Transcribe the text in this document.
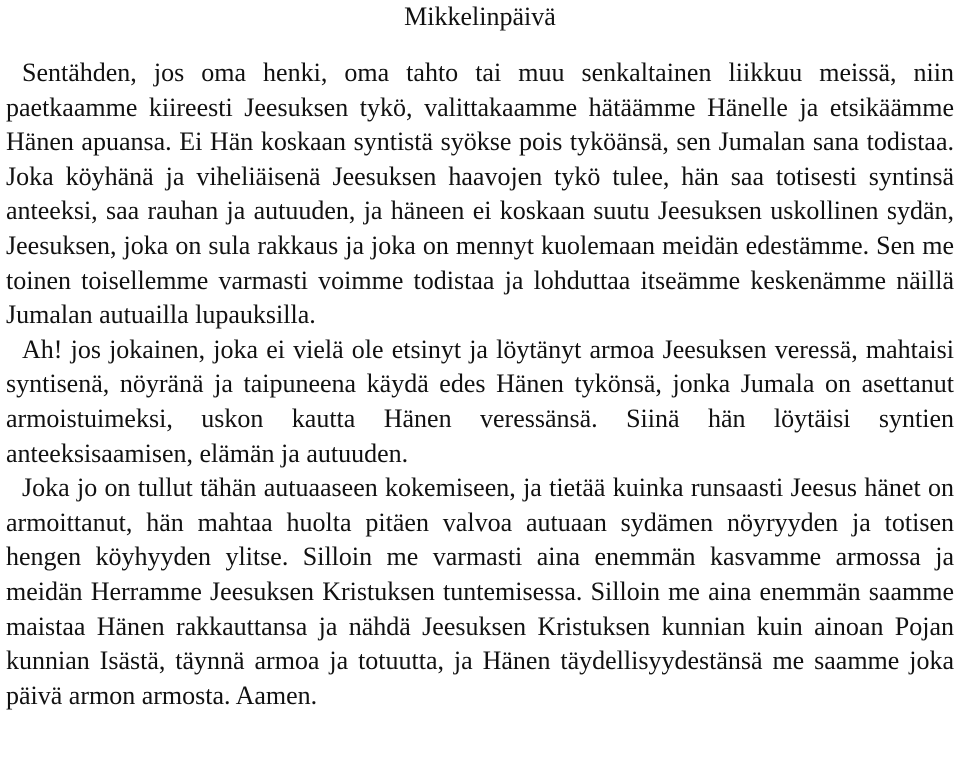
Mikkelinpäivä

Sentähden, jos oma henki, oma tahto tai muu senkaltainen liikkuu meissä, niin paetkaamme kiireesti Jeesuksen tykö, valittakaamme hätäämme Hänelle ja etsikäämme Hänen apuansa. Ei Hän koskaan syntistä syökse pois tyköänsä, sen Jumalan sana todistaa. Joka köyhänä ja viheliäisenä Jeesuksen haavojen tykö tulee, hän saa totisesti syntinsä anteeksi, saa rauhan ja autuuden, ja häneen ei koskaan suutu Jeesuksen uskollinen sydän, Jeesuksen, joka on sula rakkaus ja joka on mennyt kuolemaan meidän edestämme. Sen me toinen toisellemme varmasti voimme todistaa ja lohduttaa itseämme keskenämme näillä Jumalan autuailla lupauksilla.

Ah! jos jokainen, joka ei vielä ole etsinyt ja löytänyt armoa Jeesuksen veressä, mahtaisi syntisenä, nöyränä ja taipuneena käydä edes Hänen tykönsä, jonka Jumala on asettanut armoistuimeksi, uskon kautta Hänen veressänsä. Siinä hän löytäisi syntien anteeksisaamisen, elämän ja autuuden.

Joka jo on tullut tähän autuaaseen kokemiseen, ja tietää kuinka runsaasti Jeesus hänet on armoittanut, hän mahtaa huolta pitäen valvoa autuaan sydämen nöyryyden ja totisen hengen köyhyyden ylitse. Silloin me varmasti aina enemmän kasvamme armossa ja meidän Herramme Jeesuksen Kristuksen tuntemisessa. Silloin me aina enemmän saamme maistaa Hänen rakkauttansa ja nähdä Jeesuksen Kristuksen kunnian kuin ainoan Pojan kunnian Isästä, täynnä armoa ja totuutta, ja Hänen täydellisyydestänsä me saamme joka päivä armon armosta. Aamen.
